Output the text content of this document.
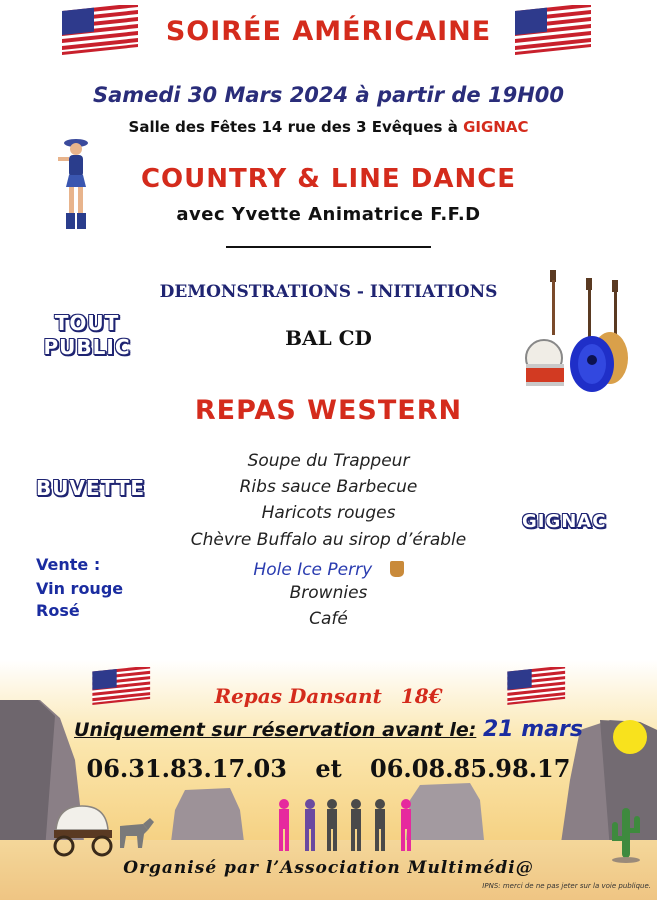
SOIRÉE AMÉRICAINE
Samedi 30 Mars 2024 à partir de 19H00
Salle des Fêtes 14 rue des 3 Evêques à GIGNAC
COUNTRY & LINE DANCE
avec Yvette Animatrice F.F.D
DEMONSTRATIONS - INITIATIONS
TOUT
PUBLIC	BAL CD
REPAS WESTERN
BUVETTE
GIGNAC
Vente :
Vin rouge
Rosé
Soupe du Trappeur
Ribs sauce Barbecue
Haricots rouges
Chèvre Buffalo au sirop d’érable
Hole Ice Perry
Brownies
Café
Repas Dansant 18€
Uniquement sur réservation avant le: 21 mars
06.31.83.17.03 et 06.08.85.98.17
Organisé par l’Association Multimédi@
IPNS: merci de ne pas jeter sur la voie publique.
